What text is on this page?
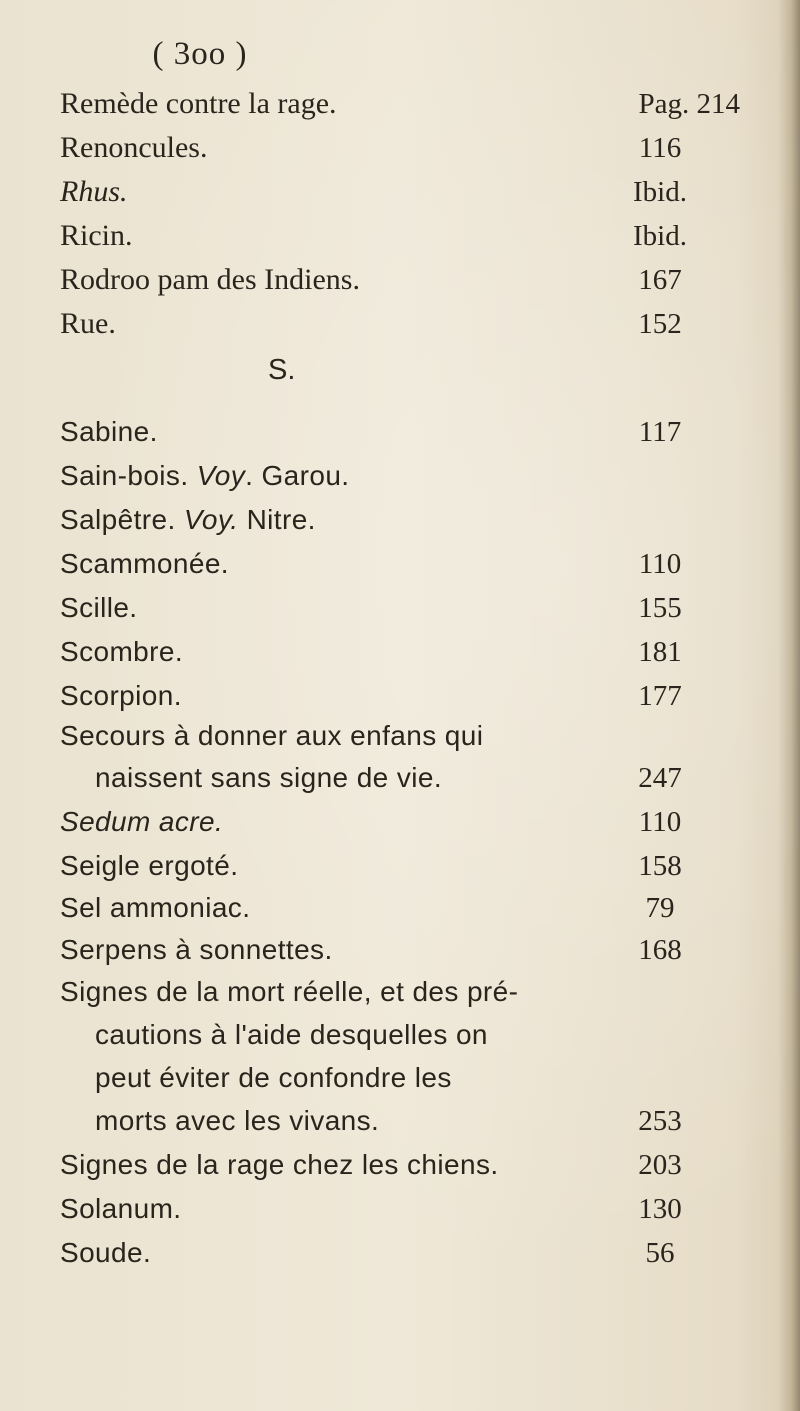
( 3oo )
Remède contre la rage.	Pag. 214
Renoncules.	116
Rhus.	Ibid.
Ricin.	Ibid.
Rodroo pam des Indiens.	167
Rue.	152
S.
Sabine.	117
Sain-bois. Voy. Garou.
Salpêtre. Voy. Nitre.
Scammonée.	110
Scille.	155
Scombre.	181
Scorpion.	177
Secours à donner aux enfans qui
naissent sans signe de vie.	247
Sedum acre.	110
Seigle ergoté.	158
Sel ammoniac.	79
Serpens à sonnettes.	168
Signes de la mort réelle, et des pré-
cautions à l'aide desquelles on
peut éviter de confondre les
morts avec les vivans.	253
Signes de la rage chez les chiens.	203
Solanum.	130
Soude.	56
